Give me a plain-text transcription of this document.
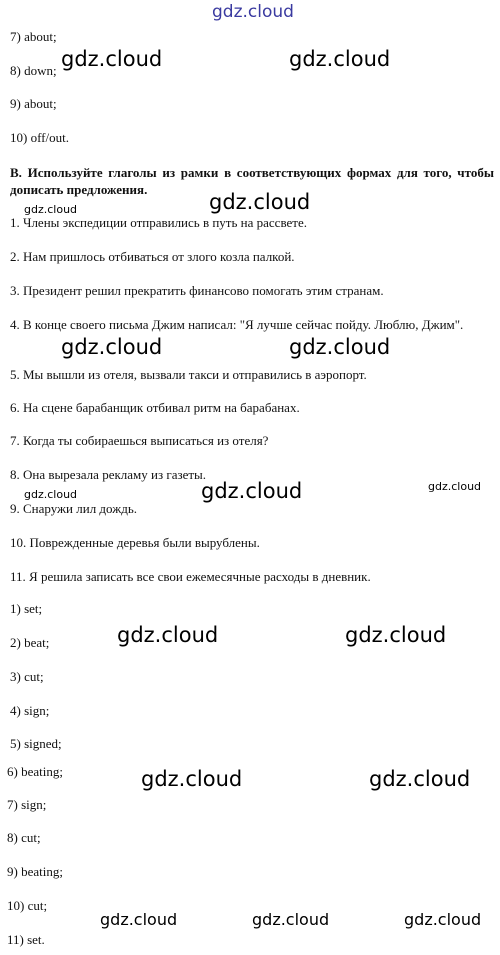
gdz.cloud
7) about;
8) down;
9) about;
10) off/out.
B. Используйте глаголы из рамки в соответствующих формах для того, чтобы дописать предложения.
1. Члены экспедиции отправились в путь на рассвете.
2. Нам пришлось отбиваться от злого козла палкой.
3. Президент решил прекратить финансово помогать этим странам.
4. В конце своего письма Джим написал: "Я лучше сейчас пойду. Люблю, Джим".
5. Мы вышли из отеля, вызвали такси и отправились в аэропорт.
6. На сцене барабанщик отбивал ритм на барабанах.
7. Когда ты собираешься выписаться из отеля?
8. Она вырезала рекламу из газеты.
9. Снаружи лил дождь.
10. Поврежденные деревья были вырублены.
11. Я решила записать все свои ежемесячные расходы в дневник.
1) set;
2) beat;
3) cut;
4) sign;
5) signed;
6) beating;
7) sign;
8) cut;
9) beating;
10) cut;
11) set.
gdz.cloud	gdz.cloud
gdz.cloud	gdz.cloud
gdz.cloud	gdz.cloud
gdz.cloud	gdz.cloud	gdz.cloud
gdz.cloud	gdz.cloud
gdz.cloud	gdz.cloud
gdz.cloud	gdz.cloud	gdz.cloud
